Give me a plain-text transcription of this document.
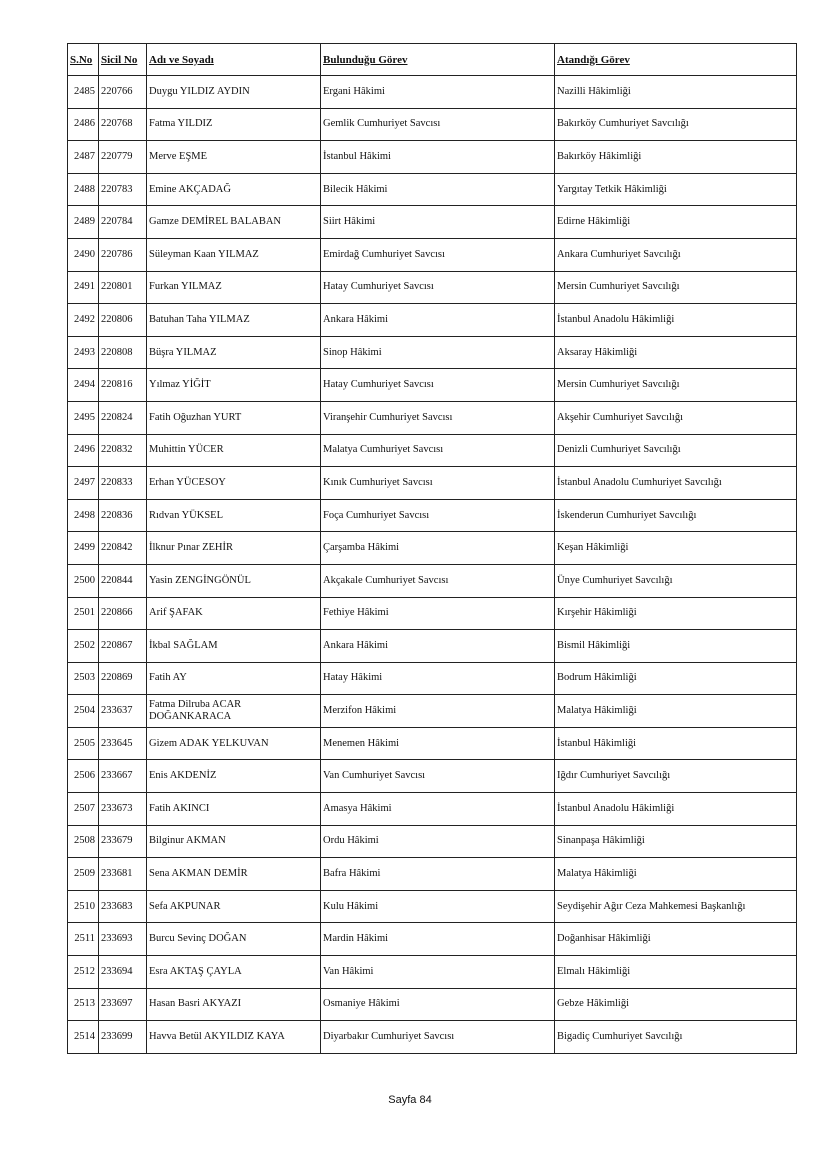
S.No	Sicil No	Adı ve Soyadı	Bulunduğu Görev	Atandığı Görev
2485	220766	Duygu YILDIZ AYDIN	Ergani Hâkimi	Nazilli Hâkimliği
2486	220768	Fatma YILDIZ	Gemlik Cumhuriyet Savcısı	Bakırköy Cumhuriyet Savcılığı
2487	220779	Merve EŞME	İstanbul Hâkimi	Bakırköy Hâkimliği
2488	220783	Emine AKÇADAĞ	Bilecik Hâkimi	Yargıtay Tetkik Hâkimliği
2489	220784	Gamze DEMİREL BALABAN	Siirt Hâkimi	Edirne Hâkimliği
2490	220786	Süleyman Kaan YILMAZ	Emirdağ Cumhuriyet Savcısı	Ankara Cumhuriyet Savcılığı
2491	220801	Furkan YILMAZ	Hatay Cumhuriyet Savcısı	Mersin Cumhuriyet Savcılığı
2492	220806	Batuhan Taha YILMAZ	Ankara Hâkimi	İstanbul Anadolu Hâkimliği
2493	220808	Büşra YILMAZ	Sinop Hâkimi	Aksaray Hâkimliği
2494	220816	Yılmaz YİĞİT	Hatay Cumhuriyet Savcısı	Mersin Cumhuriyet Savcılığı
2495	220824	Fatih Oğuzhan YURT	Viranşehir Cumhuriyet Savcısı	Akşehir Cumhuriyet Savcılığı
2496	220832	Muhittin YÜCER	Malatya Cumhuriyet Savcısı	Denizli Cumhuriyet Savcılığı
2497	220833	Erhan YÜCESOY	Kınık Cumhuriyet Savcısı	İstanbul Anadolu Cumhuriyet Savcılığı
2498	220836	Rıdvan YÜKSEL	Foça Cumhuriyet Savcısı	İskenderun Cumhuriyet Savcılığı
2499	220842	İlknur Pınar ZEHİR	Çarşamba Hâkimi	Keşan Hâkimliği
2500	220844	Yasin ZENGİNGÖNÜL	Akçakale Cumhuriyet Savcısı	Ünye Cumhuriyet Savcılığı
2501	220866	Arif ŞAFAK	Fethiye Hâkimi	Kırşehir Hâkimliği
2502	220867	İkbal SAĞLAM	Ankara Hâkimi	Bismil Hâkimliği
2503	220869	Fatih AY	Hatay Hâkimi	Bodrum Hâkimliği
2504	233637	Fatma Dilruba ACAR DOĞANKARACA	Merzifon Hâkimi	Malatya Hâkimliği
2505	233645	Gizem ADAK YELKUVAN	Menemen Hâkimi	İstanbul Hâkimliği
2506	233667	Enis AKDENİZ	Van Cumhuriyet Savcısı	Iğdır Cumhuriyet Savcılığı
2507	233673	Fatih AKINCI	Amasya Hâkimi	İstanbul Anadolu Hâkimliği
2508	233679	Bilginur AKMAN	Ordu Hâkimi	Sinanpaşa Hâkimliği
2509	233681	Sena AKMAN DEMİR	Bafra Hâkimi	Malatya Hâkimliği
2510	233683	Sefa AKPUNAR	Kulu Hâkimi	Seydişehir Ağır Ceza Mahkemesi Başkanlığı
2511	233693	Burcu Sevinç DOĞAN	Mardin Hâkimi	Doğanhisar Hâkimliği
2512	233694	Esra AKTAŞ ÇAYLA	Van Hâkimi	Elmalı Hâkimliği
2513	233697	Hasan Basri AKYAZI	Osmaniye Hâkimi	Gebze Hâkimliği
2514	233699	Havva Betül AKYILDIZ KAYA	Diyarbakır Cumhuriyet Savcısı	Bigadiç Cumhuriyet Savcılığı
Sayfa 84
